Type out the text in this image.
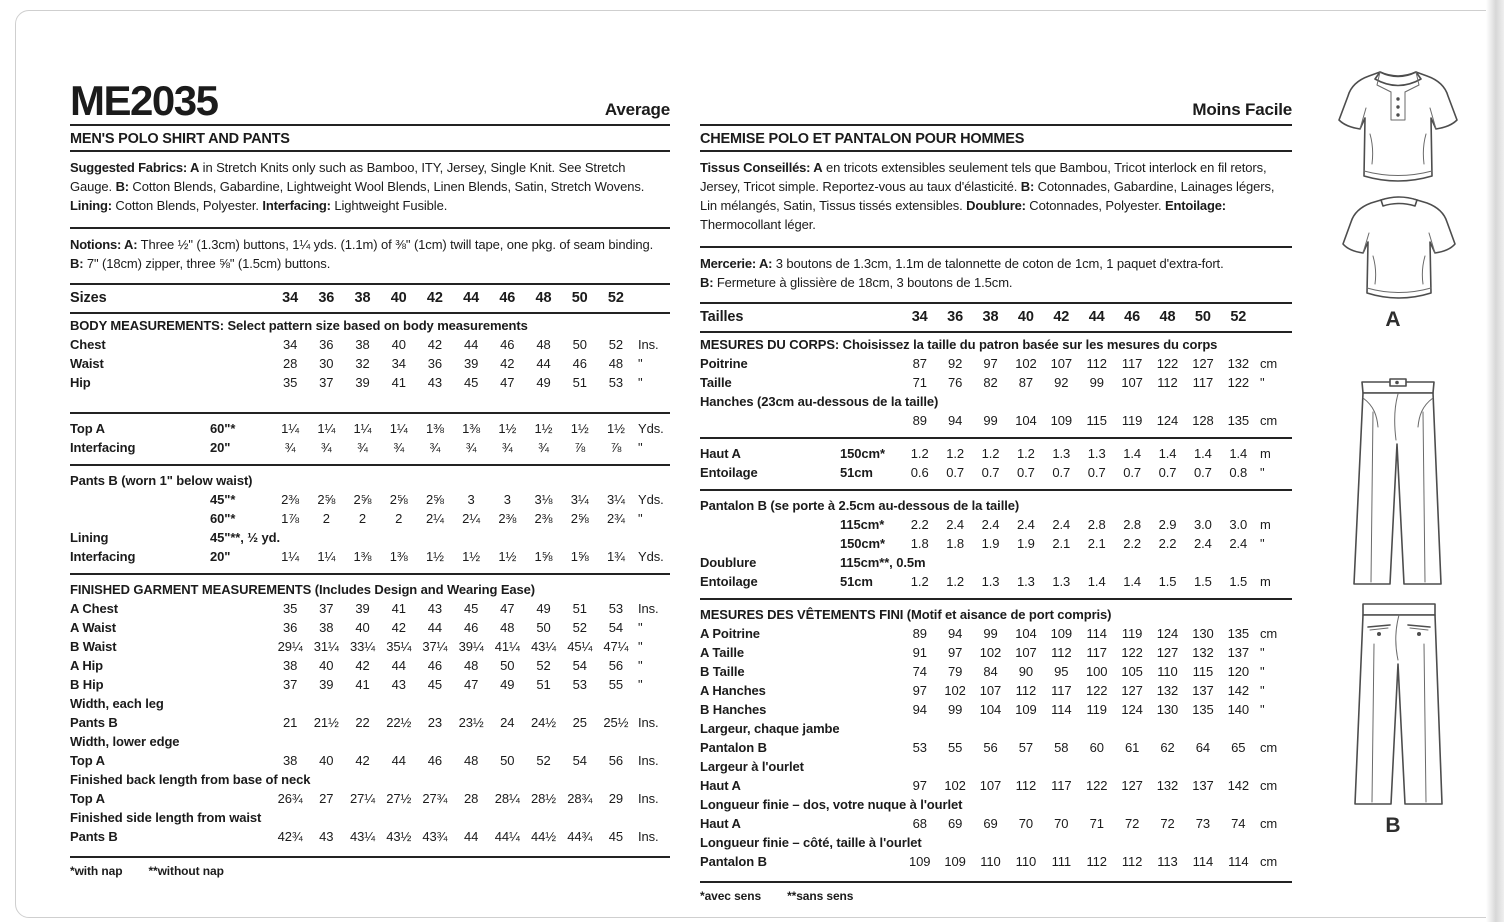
ME2035	Average
MEN'S POLO SHIRT AND PANTS
Suggested Fabrics: A in Stretch Knits only such as Bamboo, ITY, Jersey, Single Knit. See Stretch Gauge. B: Cotton Blends, Gabardine, Lightweight Wool Blends, Linen Blends, Satin, Stretch Wovens. Lining: Cotton Blends, Polyester. Interfacing: Lightweight Fusible.
Notions: A: Three ½" (1.3cm) buttons, 1¼ yds. (1.1m) of ⅜" (1cm) twill tape, one pkg. of seam binding.
B: 7" (18cm) zipper, three ⅝" (1.5cm) buttons.
Sizes	34	36	38	40	42	44	46	48	50	52
BODY MEASUREMENTS: Select pattern size based on body measurements
Chest	34	36	38	40	42	44	46	48	50	52	Ins.
Waist	28	30	32	34	36	39	42	44	46	48	"
Hip	35	37	39	41	43	45	47	49	51	53	"
Top A	60"*	1¼	1¼	1¼	1¼	1⅜	1⅜	1½	1½	1½	1½	Yds.
Interfacing	20"	¾	¾	¾	¾	¾	¾	¾	¾	⅞	⅞	"
Pants B (worn 1" below waist)
45"*	2⅜	2⅝	2⅝	2⅝	2⅝	3	3	3⅛	3¼	3¼	Yds.
60"*	1⅞	2	2	2	2¼	2¼	2⅜	2⅜	2⅝	2¾	"
Lining	45"**, ½ yd.
Interfacing	20"	1¼	1¼	1⅜	1⅜	1½	1½	1½	1⅝	1⅝	1¾	Yds.
FINISHED GARMENT MEASUREMENTS (Includes Design and Wearing Ease)
A Chest	35	37	39	41	43	45	47	49	51	53	Ins.
A Waist	36	38	40	42	44	46	48	50	52	54	"
B Waist	29¼ 31¼ 33¼ 35¼ 37¼ 39¼ 41¼ 43¼ 45¼ 47¼ "
A Hip	38	40	42	44	46	48	50	52	54	56	"
B Hip	37	39	41	43	45	47	49	51	53	55	"
Width, each leg
Pants B	21	21½	22	22½	23	23½	24	24½	25	25½ Ins.
Width, lower edge
Top A	38	40	42	44	46	48	50	52	54	56	Ins.
Finished back length from base of neck
Top A	26¾	27	27¼ 27½ 27¾	28	28¼ 28½ 28¾	29	Ins.
Finished side length from waist
Pants B	42¾	43	43¼ 43½ 43¾	44	44¼ 44½ 44¾	45	Ins.
*with nap **without nap
Moins Facile
CHEMISE POLO ET PANTALON POUR HOMMES
Tissus Conseillés: A en tricots extensibles seulement tels que Bambou, Tricot interlock en fil retors, Jersey, Tricot simple. Reportez-vous au taux d'élasticité. B: Cotonnades, Gabardine, Lainages légers, Lin mélangés, Satin, Tissus tissés extensibles. Doublure: Cotonnades, Polyester. Entoilage: Thermocollant léger.
Mercerie: A: 3 boutons de 1.3cm, 1.1m de talonnette de coton de 1cm, 1 paquet d'extra-fort.
B: Fermeture à glissière de 18cm, 3 boutons de 1.5cm.
Tailles	34	36	38	40	42	44	46	48	50	52
MESURES DU CORPS: Choisissez la taille du patron basée sur les mesures du corps
Poitrine	87	92	97	102	107	112	117	122	127	132 cm
Taille	71	76	82	87	92	99	107	112	117	122 "
Hanches (23cm au-dessous de la taille)
89	94	99	104	109	115	119	124	128	135 cm
Haut A	150cm*	1.2	1.2	1.2	1.2	1.3	1.3	1.4	1.4	1.4	1.4 m
Entoilage	51cm	0.6	0.7	0.7	0.7	0.7	0.7	0.7	0.7	0.7	0.8 "
Pantalon B (se porte à 2.5cm au-dessous de la taille)
115cm*	2.2	2.4	2.4	2.4	2.4	2.8	2.8	2.9	3.0	3.0 m
150cm*	1.8	1.8	1.9	1.9	2.1	2.1	2.2	2.2	2.4	2.4 "
Doublure	115cm**, 0.5m
Entoilage	51cm	1.2	1.2	1.3	1.3	1.3	1.4	1.4	1.5	1.5	1.5 m
MESURES DES VÊTEMENTS FINI (Motif et aisance de port compris)
A Poitrine	89	94	99	104	109	114	119	124	130	135 cm
A Taille	91	97	102	107	112	117	122	127	132	137 "
B Taille	74	79	84	90	95	100	105	110	115	120 "
A Hanches	97	102	107	112	117	122	127	132	137	142 "
B Hanches	94	99	104	109	114	119	124	130	135	140 "
Largeur, chaque jambe
Pantalon B	53	55	56	57	58	60	61	62	64	65	cm
Largeur à l'ourlet
Haut A	97	102	107	112	117	122	127	132	137	142 cm
Longueur finie – dos, votre nuque à l'ourlet
Haut A	68	69	69	70	70	71	72	72	73	74	cm
Longueur finie – côté, taille à l'ourlet
Pantalon B	109	109	110	110	111	112	112	113	114	114 cm
*avec sens **sans sens
A
B
